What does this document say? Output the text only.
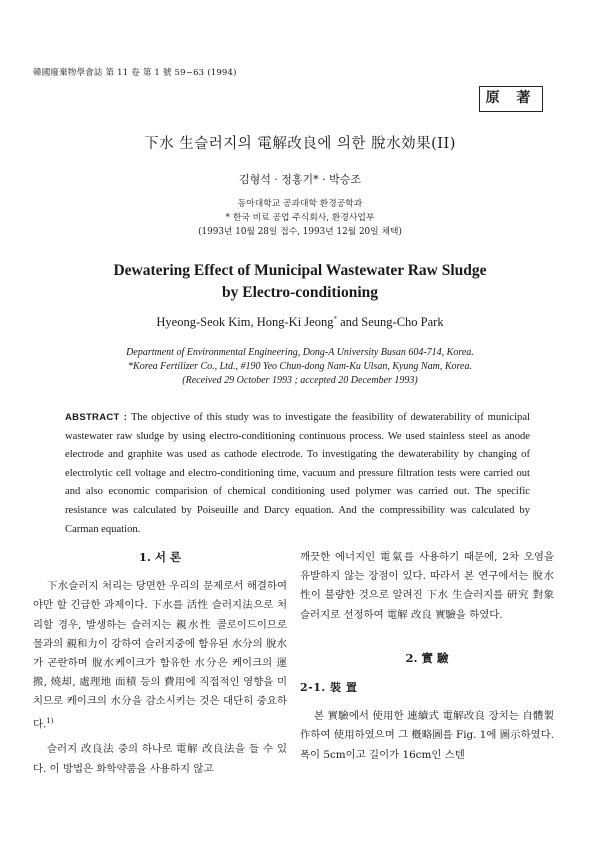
韓國廢棄物學會誌 第 11 卷 第 1 號 59~63 (1994)
原 著
下水 生슬러지의 電解改良에 의한 脫水効果(II)
김형석 · 정홍기* · 박승조
동아대학교 공과대학 환경공학과
* 한국 비료 공업 주식회사, 환경사업부
(1993년 10월 28일 접수, 1993년 12월 20일 채택)
Dewatering Effect of Municipal Wastewater Raw Sludge
by Electro-conditioning
Hyeong-Seok Kim, Hong-Ki Jeong* and Seung-Cho Park
Department of Environmental Engineering, Dong-A University Busan 604-714, Korea.
*Korea Fertilizer Co., Ltd., #190 Yeo Chun-dong Nam-Ku Ulsan, Kyung Nam, Korea.
(Received 29 October 1993 ; accepted 20 December 1993)
ABSTRACT : The objective of this study was to investigate the feasibility of dewaterability of municipal wastewater raw sludge by using electro-conditioning continuous process. We used stainless steel as anode electrode and graphite was used as cathode electrode. To investigating the dewaterability by changing of electrolytic cell voltage and electro-conditioning time, vacuum and pressure filtration tests were carried out and also economic comparision of chemical conditioning used polymer was carried out. The specific resistance was calculated by Poiseuille and Darcy equation. And the compressibility was calculated by Carman equation.

1. 서 론

下水슬러지 처리는 당면한 우리의 문제로서 해결하여야만 할 긴급한 과제이다. 下水를 活性 슬러지法으로 처리할 경우, 발생하는 슬러지는 親水性 콜로이드이므로 물과의 親和力이 강하여 슬러지중에 함유된 水分의 脫水가 곤란하며 脫水케이크가 함유한 水分은 케이크의 運搬, 燒却, 處理地 面積 등의 費用에 직접적인 영향을 미치므로 케이크의 水分을 감소시키는 것은 대단히 중요하다.$^{1)}$

슬러지 改良法 중의 하나로 電解 改良法을 들 수 있다. 이 방법은 화학약품을 사용하지 않고

깨끗한 에너지인 電氣를 사용하기 때문에, 2차 오염을 유발하지 않는 장점이 있다. 따라서 본 연구에서는 脫水性이 불량한 것으로 알려진 下水 生슬러지를 硏究 對象 슬러지로 선정하여 電解 改良 實驗을 하였다.

2. 實 驗

2-1. 裝 置

본 實驗에서 使用한 連續式 電解改良 장치는 自體製作하여 使用하였으며 그 槪略圖를 Fig. 1에 圖示하였다. 폭이 5cm이고 길이가 16cm인 스텐
